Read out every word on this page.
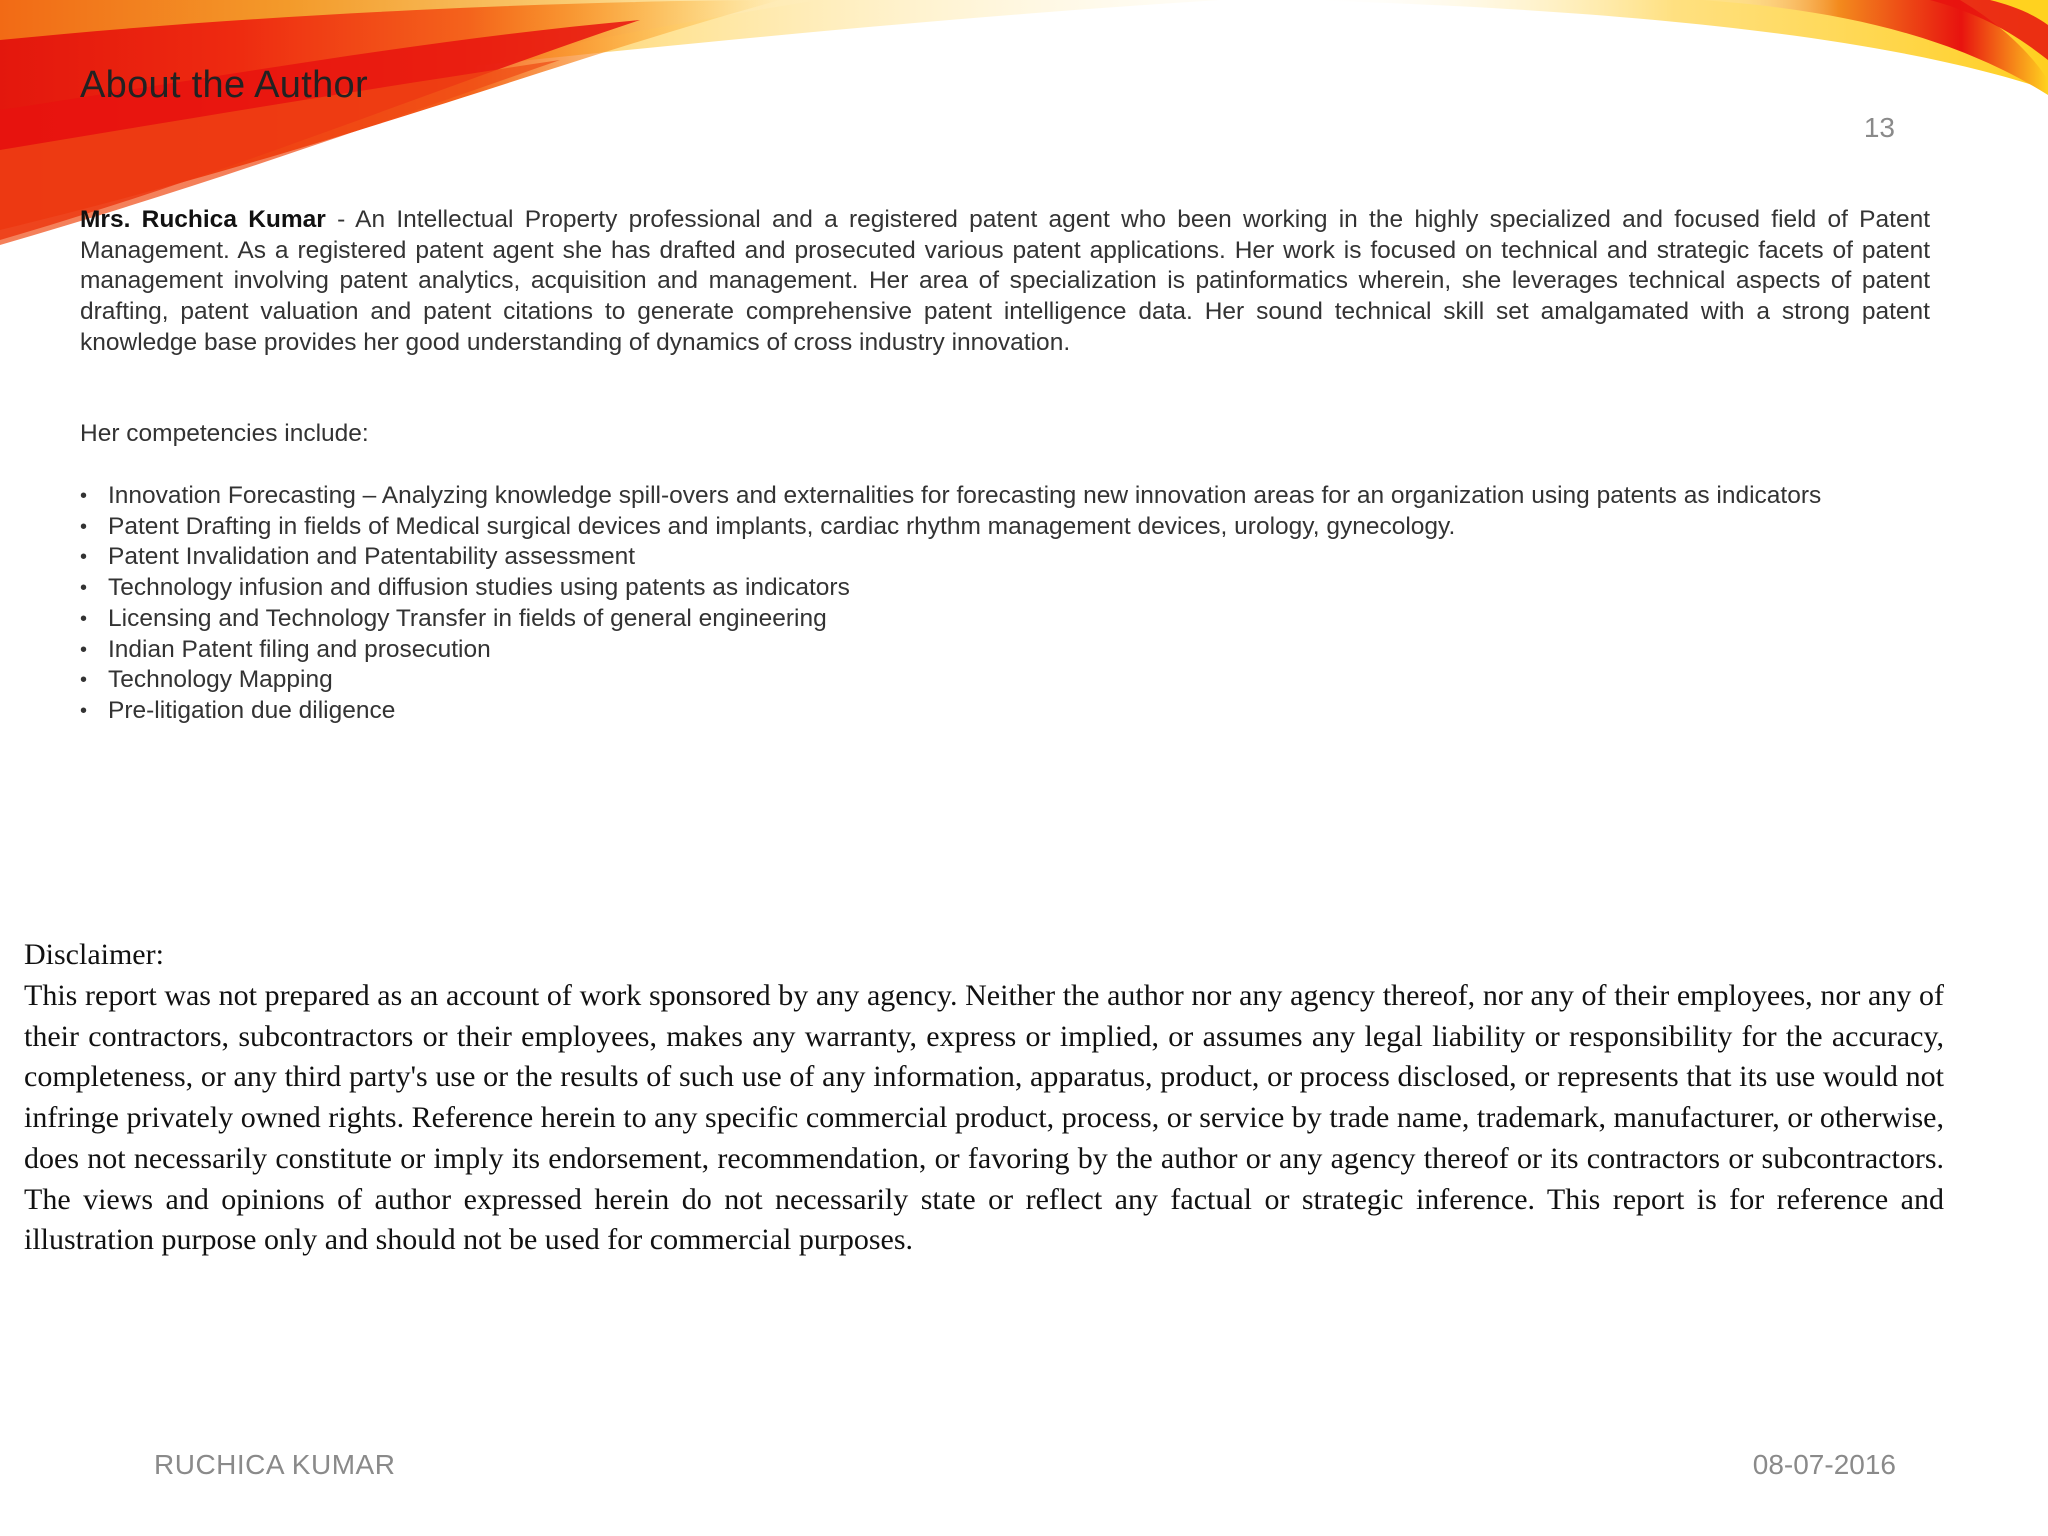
About the Author
13
Mrs. Ruchica Kumar - An Intellectual Property professional and a registered patent agent who been working in the highly specialized and focused field of Patent Management. As a registered patent agent she has drafted and prosecuted various patent applications. Her work is focused on technical and strategic facets of patent management involving patent analytics, acquisition and management. Her area of specialization is patinformatics wherein, she leverages technical aspects of patent drafting, patent valuation and patent citations to generate comprehensive patent intelligence data. Her sound technical skill set amalgamated with a strong patent knowledge base provides her good understanding of dynamics of cross industry innovation.
Her competencies include:
• Innovation Forecasting – Analyzing knowledge spill-overs and externalities for forecasting new innovation areas for an organization using patents as indicators
• Patent Drafting in fields of Medical surgical devices and implants, cardiac rhythm management devices, urology, gynecology.
• Patent Invalidation and Patentability assessment
• Technology infusion and diffusion studies using patents as indicators
• Licensing and Technology Transfer in fields of general engineering
• Indian Patent filing and prosecution
• Technology Mapping
• Pre-litigation due diligence
Disclaimer:
This report was not prepared as an account of work sponsored by any agency. Neither the author nor any agency thereof, nor any of their employees, nor any of their contractors, subcontractors or their employees, makes any warranty, express or implied, or assumes any legal liability or responsibility for the accuracy, completeness, or any third party's use or the results of such use of any information, apparatus, product, or process disclosed, or represents that its use would not infringe privately owned rights. Reference herein to any specific commercial product, process, or service by trade name, trademark, manufacturer, or otherwise, does not necessarily constitute or imply its endorsement, recommendation, or favoring by the author or any agency thereof or its contractors or subcontractors. The views and opinions of author expressed herein do not necessarily state or reflect any factual or strategic inference. This report is for reference and illustration purpose only and should not be used for commercial purposes.
RUCHICA KUMAR	08-07-2016
